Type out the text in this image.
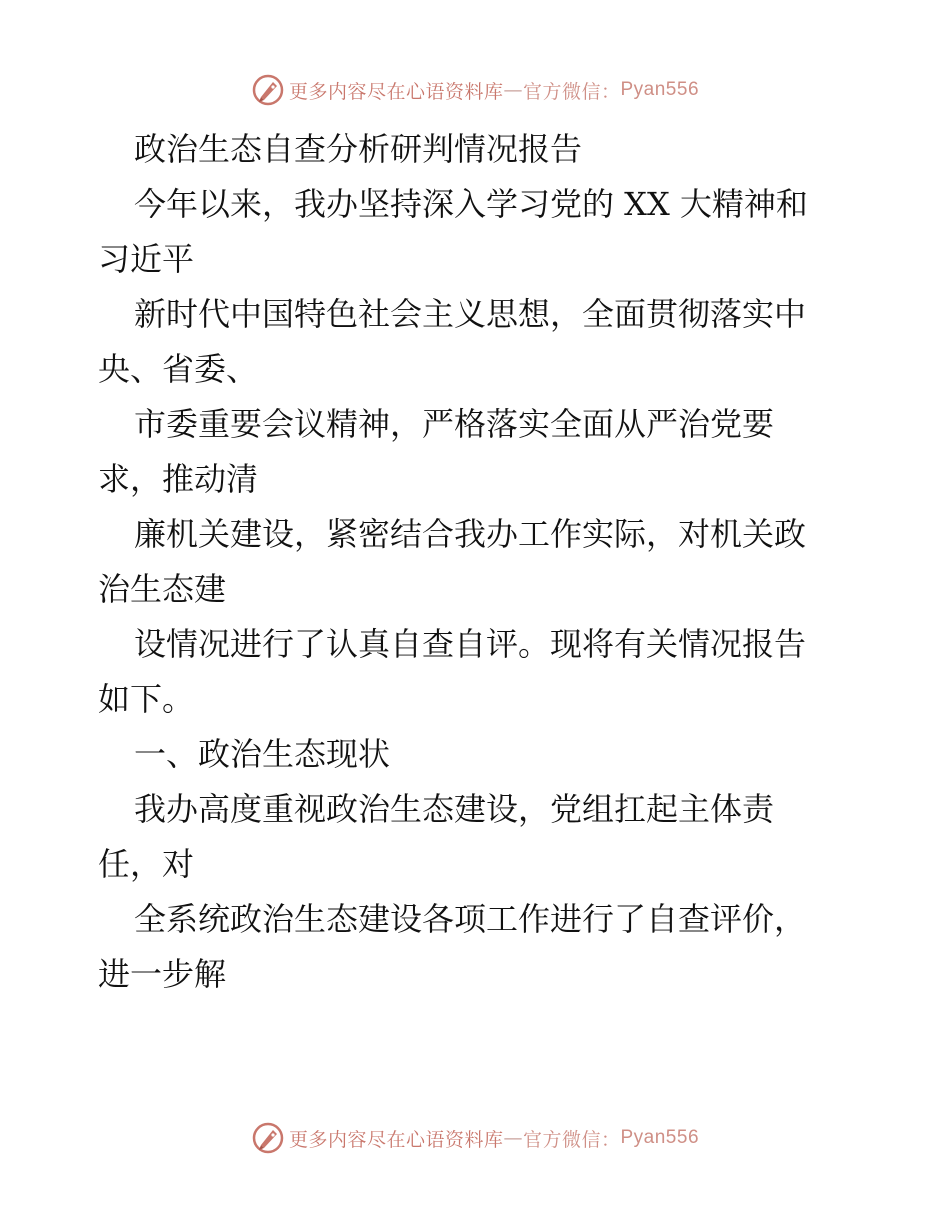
更多内容尽在心语资料库 — 官方微信： Pyan556
政治生态自查分析研判情况报告
今年以来，我办坚持深入学习党的 XX 大精神和
习近平
新时代中国特色社会主义思想，全面贯彻落实中
央、省委、
市委重要会议精神，严格落实全面从严治党要
求，推动清
廉机关建设，紧密结合我办工作实际，对机关政
治生态建
设情况进行了认真自查自评。现将有关情况报告
如下。
一、政治生态现状
我办高度重视政治生态建设，党组扛起主体责
任，对
全系统政治生态建设各项工作进行了自查评价，
进一步解
更多内容尽在心语资料库 — 官方微信： Pyan556
